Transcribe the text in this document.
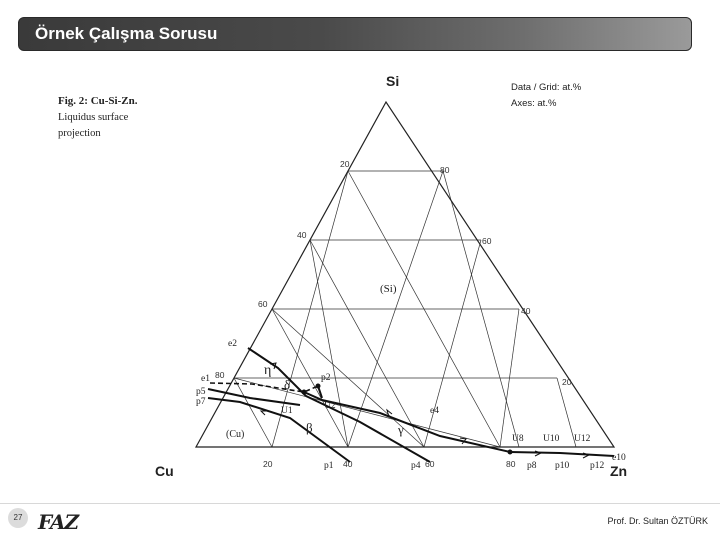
Örnek Çalışma Sorusu
Fig. 2: Cu-Si-Zn.
Liquidus surface
projection
Data / Grid: at.%
Axes: at.%
Si
Cu	Zn
20
40
60
80
80
60
40
20
20	40	60	80
(Si)
(Cu)
η
δ
β	γ
e2
e1
p5
p7
p2
U1	U2	e4
U8 U10 U12
e10
p1	p4	p8 p10 p12
27 FAZ	Prof. Dr. Sultan ÖZTÜRK
